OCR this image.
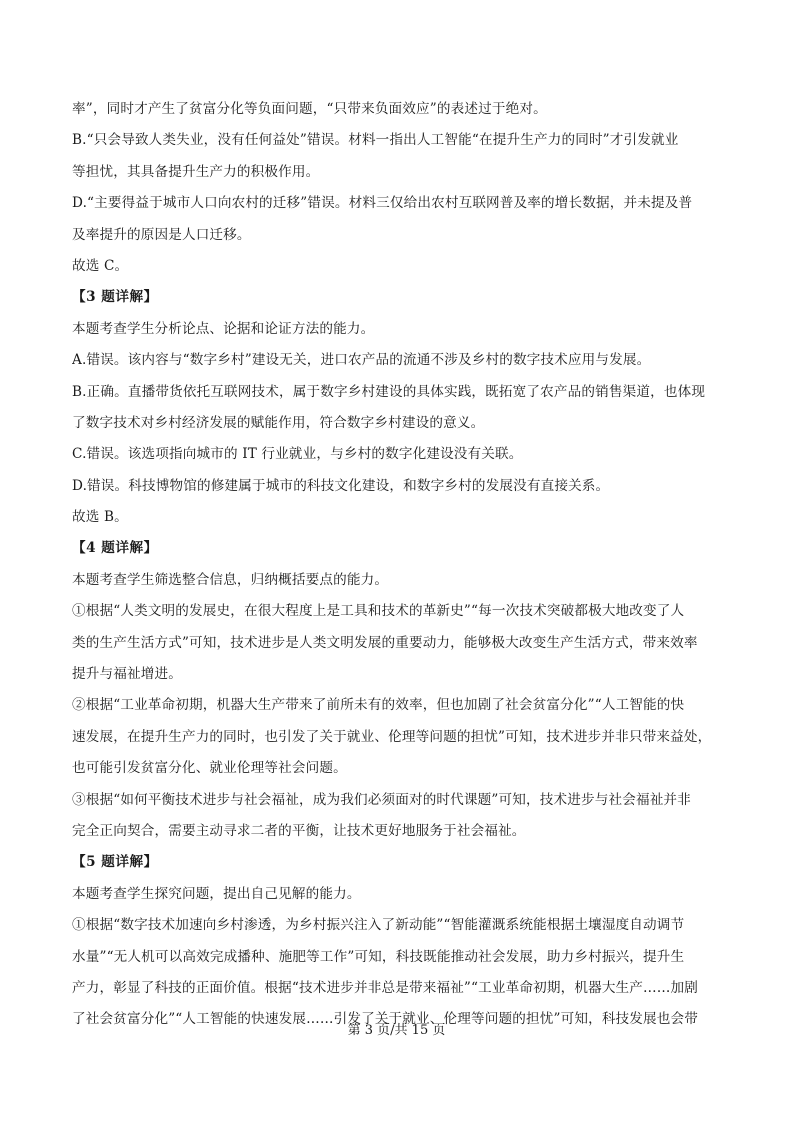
率”，同时才产生了贫富分化等负面问题，“只带来负面效应”的表述过于绝对。
B.“只会导致人类失业，没有任何益处”错误。材料一指出人工智能“在提升生产力的同时”才引发就业
等担忧，其具备提升生产力的积极作用。
D.“主要得益于城市人口向农村的迁移”错误。材料三仅给出农村互联网普及率的增长数据，并未提及普
及率提升的原因是人口迁移。
故选 C。
【3 题详解】
本题考查学生分析论点、论据和论证方法的能力。
A.错误。该内容与“数字乡村”建设无关，进口农产品的流通不涉及乡村的数字技术应用与发展。
B.正确。直播带货依托互联网技术，属于数字乡村建设的具体实践，既拓宽了农产品的销售渠道，也体现
了数字技术对乡村经济发展的赋能作用，符合数字乡村建设的意义。
C.错误。该选项指向城市的 IT 行业就业，与乡村的数字化建设没有关联。
D.错误。科技博物馆的修建属于城市的科技文化建设，和数字乡村的发展没有直接关系。
故选 B。
【4 题详解】
本题考查学生筛选整合信息，归纳概括要点的能力。
①根据“人类文明的发展史，在很大程度上是工具和技术的革新史”“每一次技术突破都极大地改变了人
类的生产生活方式”可知，技术进步是人类文明发展的重要动力，能够极大改变生产生活方式，带来效率
提升与福祉增进。
②根据“工业革命初期，机器大生产带来了前所未有的效率，但也加剧了社会贫富分化”“人工智能的快
速发展，在提升生产力的同时，也引发了关于就业、伦理等问题的担忧”可知，技术进步并非只带来益处，
也可能引发贫富分化、就业伦理等社会问题。
③根据“如何平衡技术进步与社会福祉，成为我们必须面对的时代课题”可知，技术进步与社会福祉并非
完全正向契合，需要主动寻求二者的平衡，让技术更好地服务于社会福祉。
【5 题详解】
本题考查学生探究问题，提出自己见解的能力。
①根据“数字技术加速向乡村渗透，为乡村振兴注入了新动能”“智能灌溉系统能根据土壤湿度自动调节
水量”“无人机可以高效完成播种、施肥等工作”可知，科技既能推动社会发展，助力乡村振兴，提升生
产力，彰显了科技的正面价值。根据“技术进步并非总是带来福祉”“工业革命初期，机器大生产……加剧
了社会贫富分化”“人工智能的快速发展……引发了关于就业、伦理等问题的担忧”可知，科技发展也会带
第 3 页/共 15 页
